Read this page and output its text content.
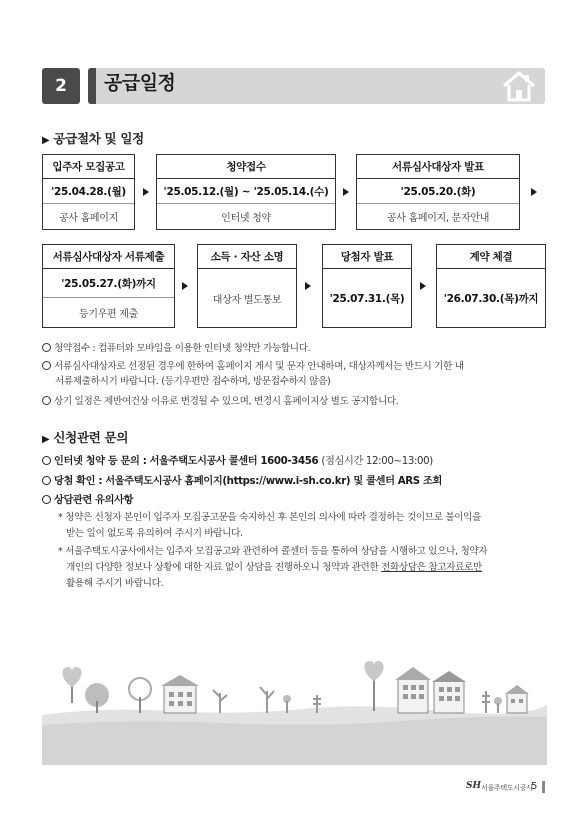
2	공급일정
▶ 공급절차 및 일정
입주자 모집공고
'25.04.28.(월)
공사 홈페이지
청약접수
'25.05.12.(월) ~ '25.05.14.(수)
인터넷 청약
서류심사대상자 발표
'25.05.20.(화)
공사 홈페이지, 문자안내
서류심사대상자 서류제출
'25.05.27.(화)까지
등기우편 제출
소득 · 자산 소명
대상자 별도통보
당첨자 발표
'25.07.31.(목)
계약 체결
'26.07.30.(목)까지
청약접수 : 컴퓨터와 모바일을 이용한 인터넷 청약만 가능합니다.
서류심사대상자로 선정된 경우에 한하여 홈페이지 게시 및 문자 안내하며, 대상자께서는 반드시 기한 내
서류제출하시기 바랍니다. (등기우편만 접수하며, 방문접수하지 않음)
상기 일정은 제반여건상 이유로 변경될 수 있으며, 변경시 홈페이지상 별도 공지합니다.
▶ 신청관련 문의
인터넷 청약 등 문의 : 서울주택도시공사 콜센터 1600-3456 (점심시간 12:00~13:00)
당첨 확인 : 서울주택도시공사 홈페이지(https://www.i-sh.co.kr) 및 콜센터 ARS 조회
상담관련 유의사항
* 청약은 신청자 본인이 입주자 모집공고문을 숙지하신 후 본인의 의사에 따라 결정하는 것이므로 불이익을
받는 일이 없도록 유의하여 주시기 바랍니다.
* 서울주택도시공사에서는 입주자 모집공고와 관련하여 콜센터 등을 통하여 상담을 시행하고 있으나, 청약자
개인의 다양한 정보나 상황에 대한 자료 없이 상담을 진행하오니 청약과 관련한 전화상담은 참고자료로만
활용해 주시기 바랍니다.
SH 서울주택도시공사
5
